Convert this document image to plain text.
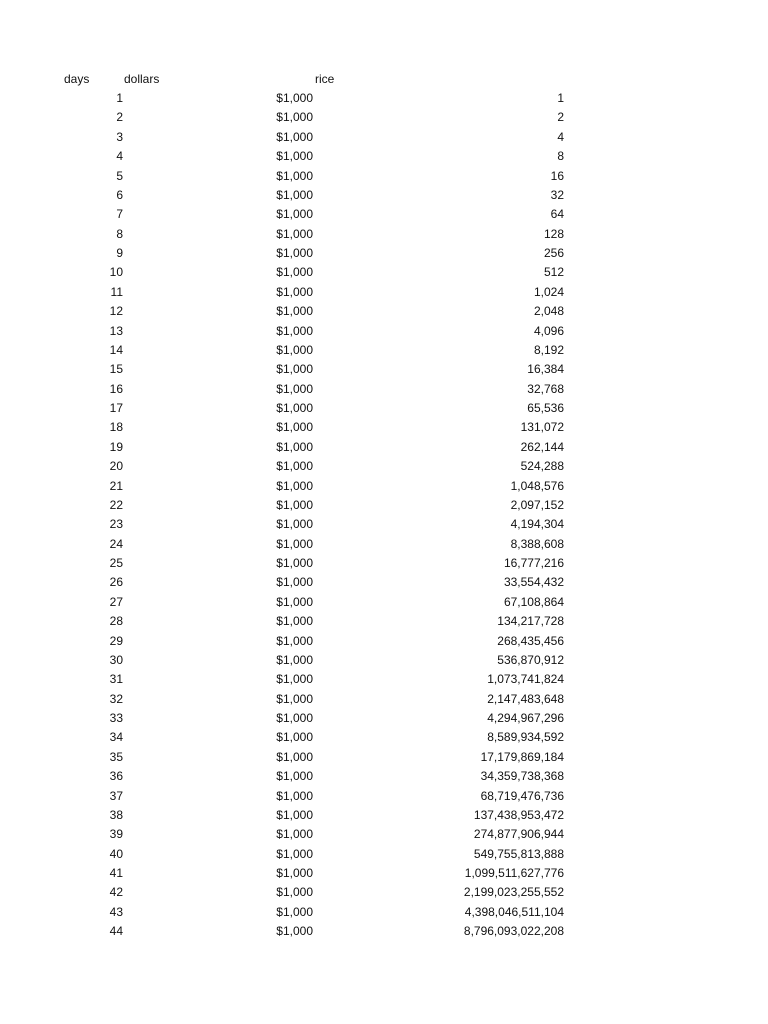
days	dollars	rice
1	$1,000	1
2	$1,000	2
3	$1,000	4
4	$1,000	8
5	$1,000	16
6	$1,000	32
7	$1,000	64
8	$1,000	128
9	$1,000	256
10	$1,000	512
11	$1,000	1,024
12	$1,000	2,048
13	$1,000	4,096
14	$1,000	8,192
15	$1,000	16,384
16	$1,000	32,768
17	$1,000	65,536
18	$1,000	131,072
19	$1,000	262,144
20	$1,000	524,288
21	$1,000	1,048,576
22	$1,000	2,097,152
23	$1,000	4,194,304
24	$1,000	8,388,608
25	$1,000	16,777,216
26	$1,000	33,554,432
27	$1,000	67,108,864
28	$1,000	134,217,728
29	$1,000	268,435,456
30	$1,000	536,870,912
31	$1,000	1,073,741,824
32	$1,000	2,147,483,648
33	$1,000	4,294,967,296
34	$1,000	8,589,934,592
35	$1,000	17,179,869,184
36	$1,000	34,359,738,368
37	$1,000	68,719,476,736
38	$1,000	137,438,953,472
39	$1,000	274,877,906,944
40	$1,000	549,755,813,888
41	$1,000	1,099,511,627,776
42	$1,000	2,199,023,255,552
43	$1,000	4,398,046,511,104
44	$1,000	8,796,093,022,208
